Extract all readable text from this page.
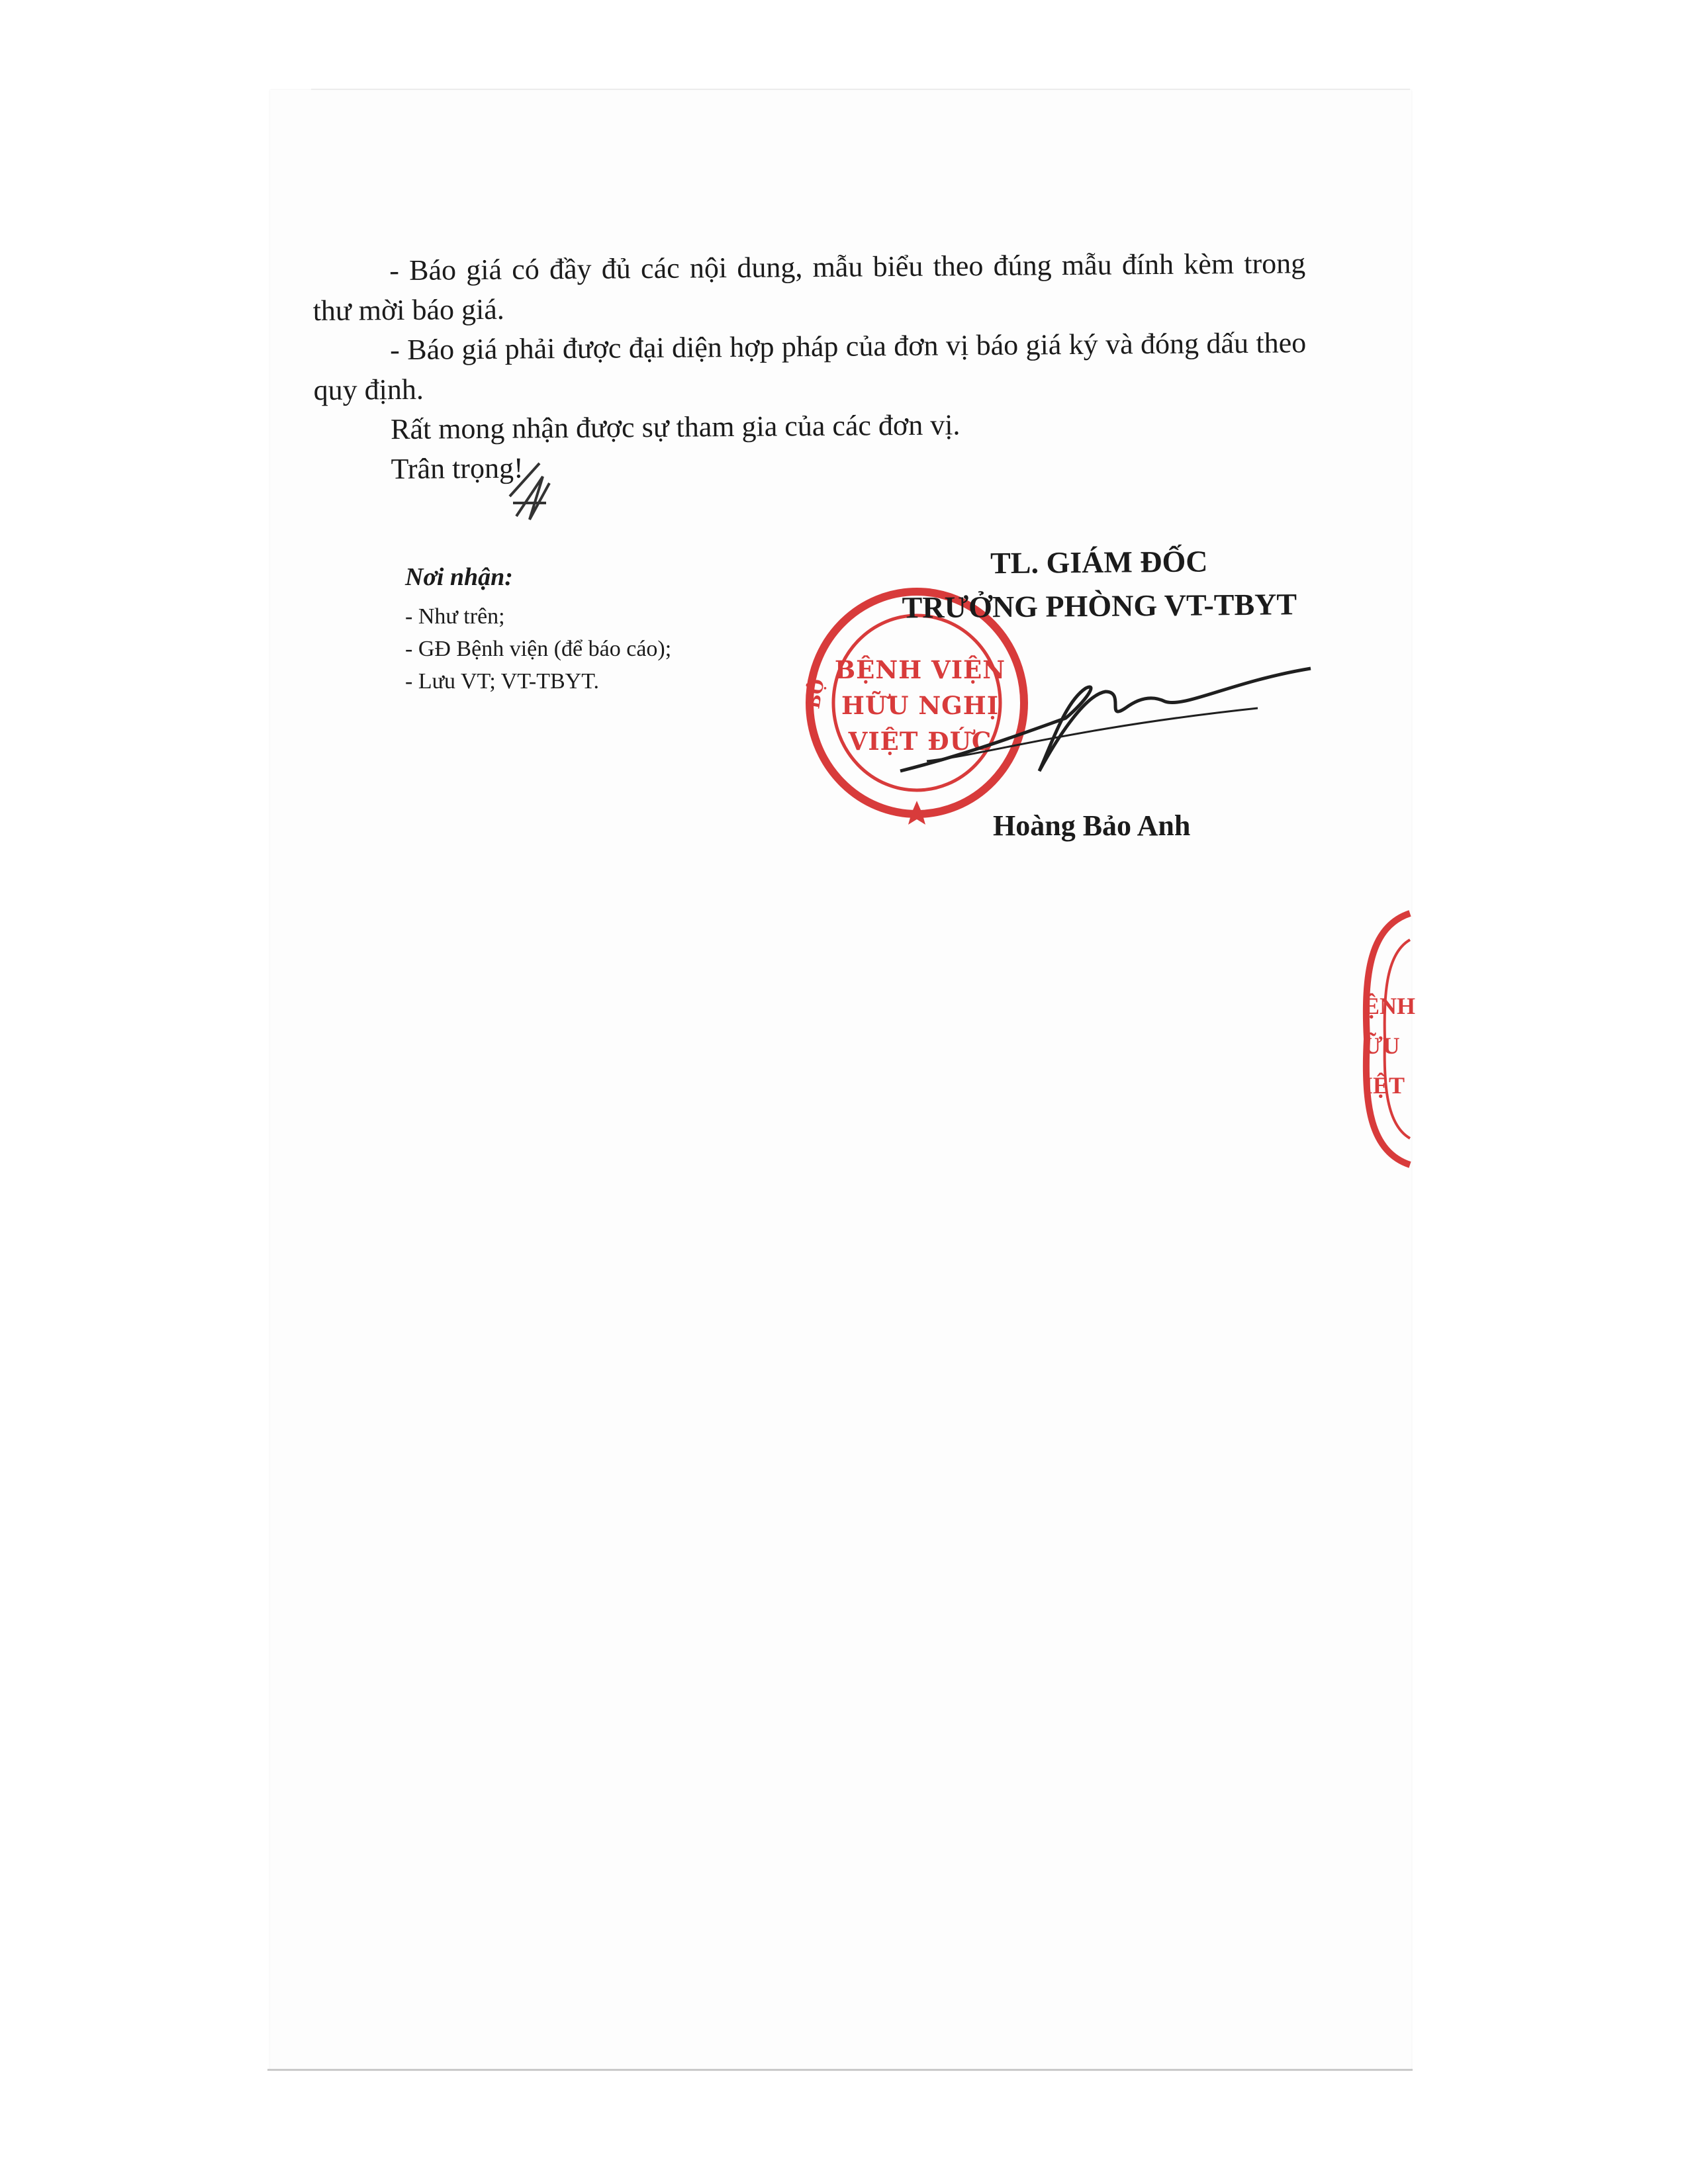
- Báo giá có đầy đủ các nội dung, mẫu biểu theo đúng mẫu đính kèm trong thư mời báo giá.

- Báo giá phải được đại diện hợp pháp của đơn vị báo giá ký và đóng dấu theo quy định.

Rất mong nhận được sự tham gia của các đơn vị.

Trân trọng!

Nơi nhận:

- Như trên;
- GĐ Bệnh viện (để báo cáo);
- Lưu VT; VT-TBYT.	BỘ
BỆNH VIỆN
HỮU NGHỊ
VIỆT ĐỨC
TL. GIÁM ĐỐC
TRƯỞNG PHÒNG VT-TBYT
Hoàng Bảo Anh
ỆNH
ỮU
IỆT
